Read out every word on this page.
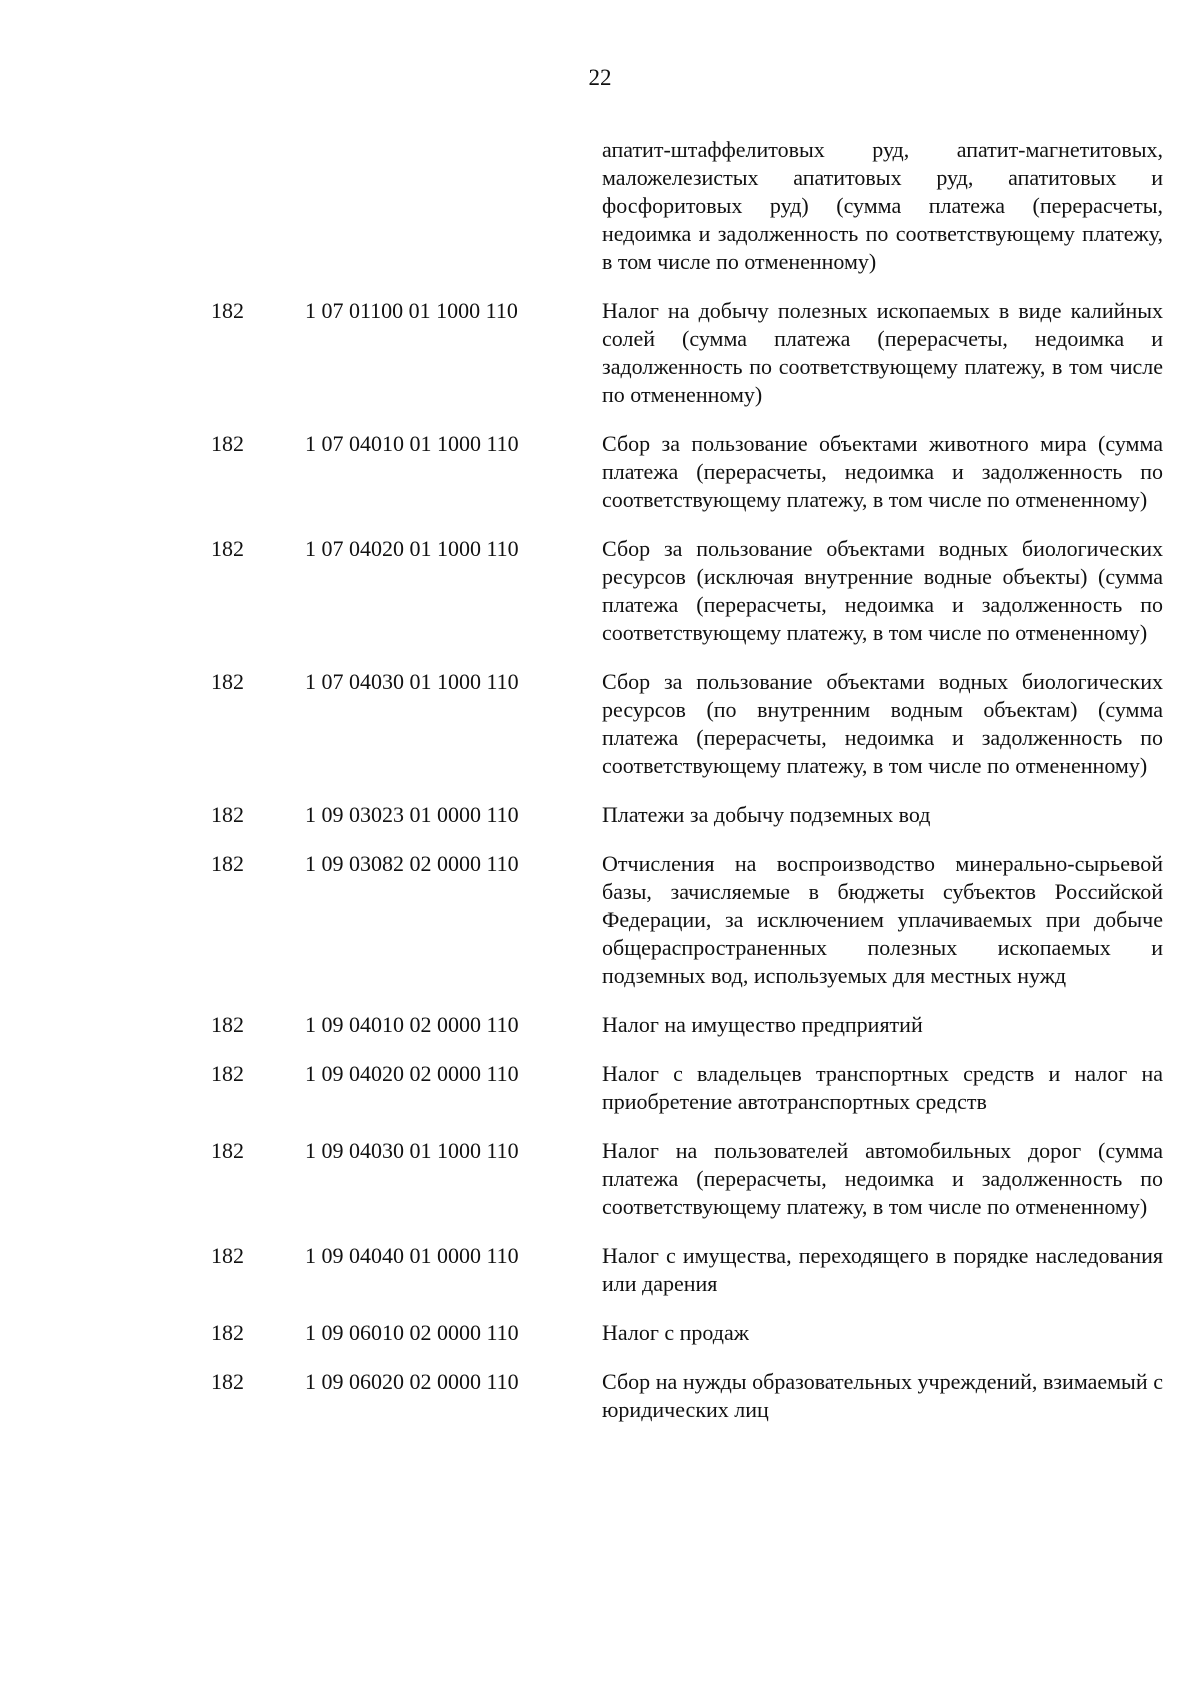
22
апатит-штаффелитовых руд, апатит-магнетитовых, маложелезистых апатитовых руд, апатитовых и фосфоритовых руд) (сумма платежа (перерасчеты, недоимка и задолженность по соответствующему платежу, в том числе по отмененному)
182	1 07 01100 01 1000 110	Налог на добычу полезных ископаемых в виде калийных солей (сумма платежа (перерасчеты, недоимка и задолженность по соответствующему платежу, в том числе по отмененному)
182	1 07 04010 01 1000 110	Сбор за пользование объектами животного мира (сумма платежа (перерасчеты, недоимка и задолженность по соответствующему платежу, в том числе по отмененному)
182	1 07 04020 01 1000 110	Сбор за пользование объектами водных биологических ресурсов (исключая внутренние водные объекты) (сумма платежа (перерасчеты, недоимка и задолженность по соответствующему платежу, в том числе по отмененному)
182	1 07 04030 01 1000 110	Сбор за пользование объектами водных биологических ресурсов (по внутренним водным объектам) (сумма платежа (перерасчеты, недоимка и задолженность по соответствующему платежу, в том числе по отмененному)
182	1 09 03023 01 0000 110	Платежи за добычу подземных вод
182	1 09 03082 02 0000 110	Отчисления на воспроизводство минерально-сырьевой базы, зачисляемые в бюджеты субъектов Российской Федерации, за исключением уплачиваемых при добыче общераспространенных полезных ископаемых и подземных вод, используемых для местных нужд
182	1 09 04010 02 0000 110	Налог на имущество предприятий
182	1 09 04020 02 0000 110	Налог с владельцев транспортных средств и налог на приобретение автотранспортных средств
182	1 09 04030 01 1000 110	Налог на пользователей автомобильных дорог (сумма платежа (перерасчеты, недоимка и задолженность по соответствующему платежу, в том числе по отмененному)
182	1 09 04040 01 0000 110	Налог с имущества, переходящего в порядке наследования или дарения
182	1 09 06010 02 0000 110	Налог с продаж
182	1 09 06020 02 0000 110	Сбор на нужды образовательных учреждений, взимаемый с юридических лиц
